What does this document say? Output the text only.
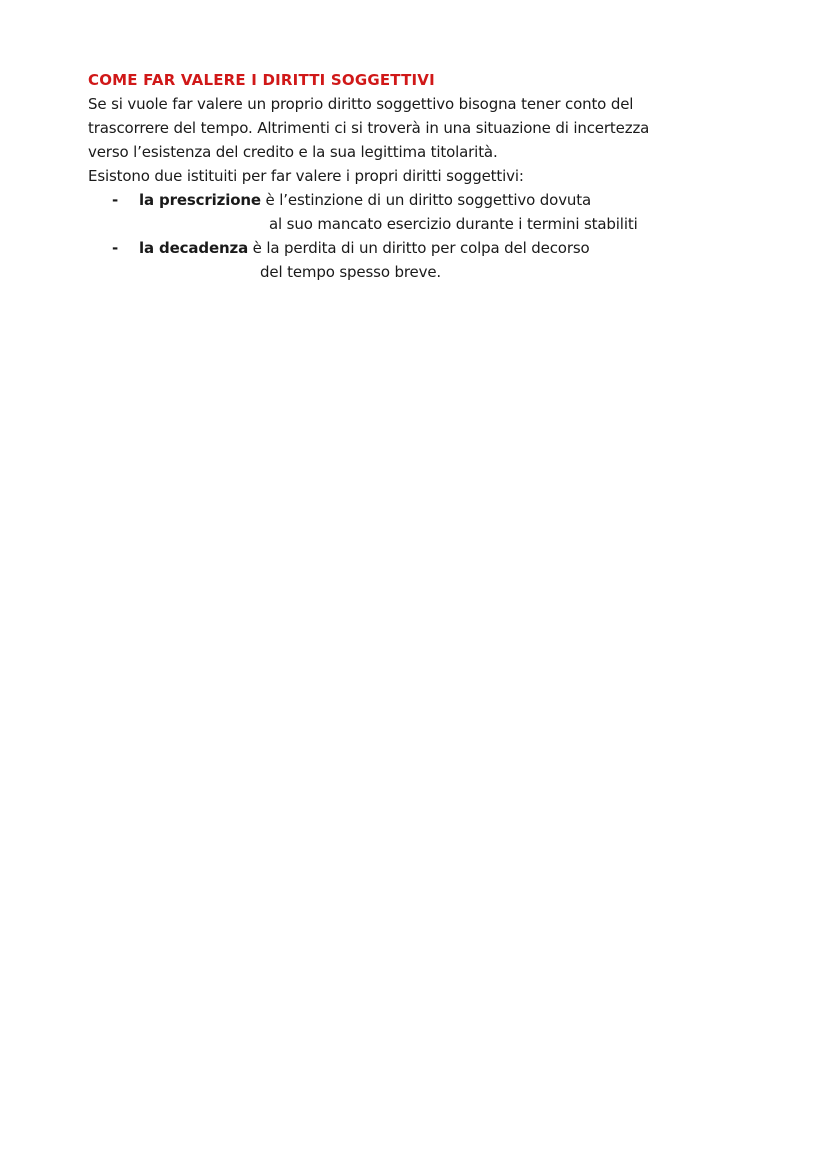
COME FAR VALERE I DIRITTI SOGGETTIVI
Se si vuole far valere un proprio diritto soggettivo bisogna tener conto del
trascorrere del tempo. Altrimenti ci si troverà in una situazione di incertezza
verso l’esistenza del credito e la sua legittima titolarità.
Esistono due istituiti per far valere i propri diritti soggettivi:
-	la prescrizione è l’estinzione di un diritto soggettivo dovuta
al suo mancato esercizio durante i termini stabiliti
-	la decadenza è la perdita di un diritto per colpa del decorso
del tempo spesso breve.
